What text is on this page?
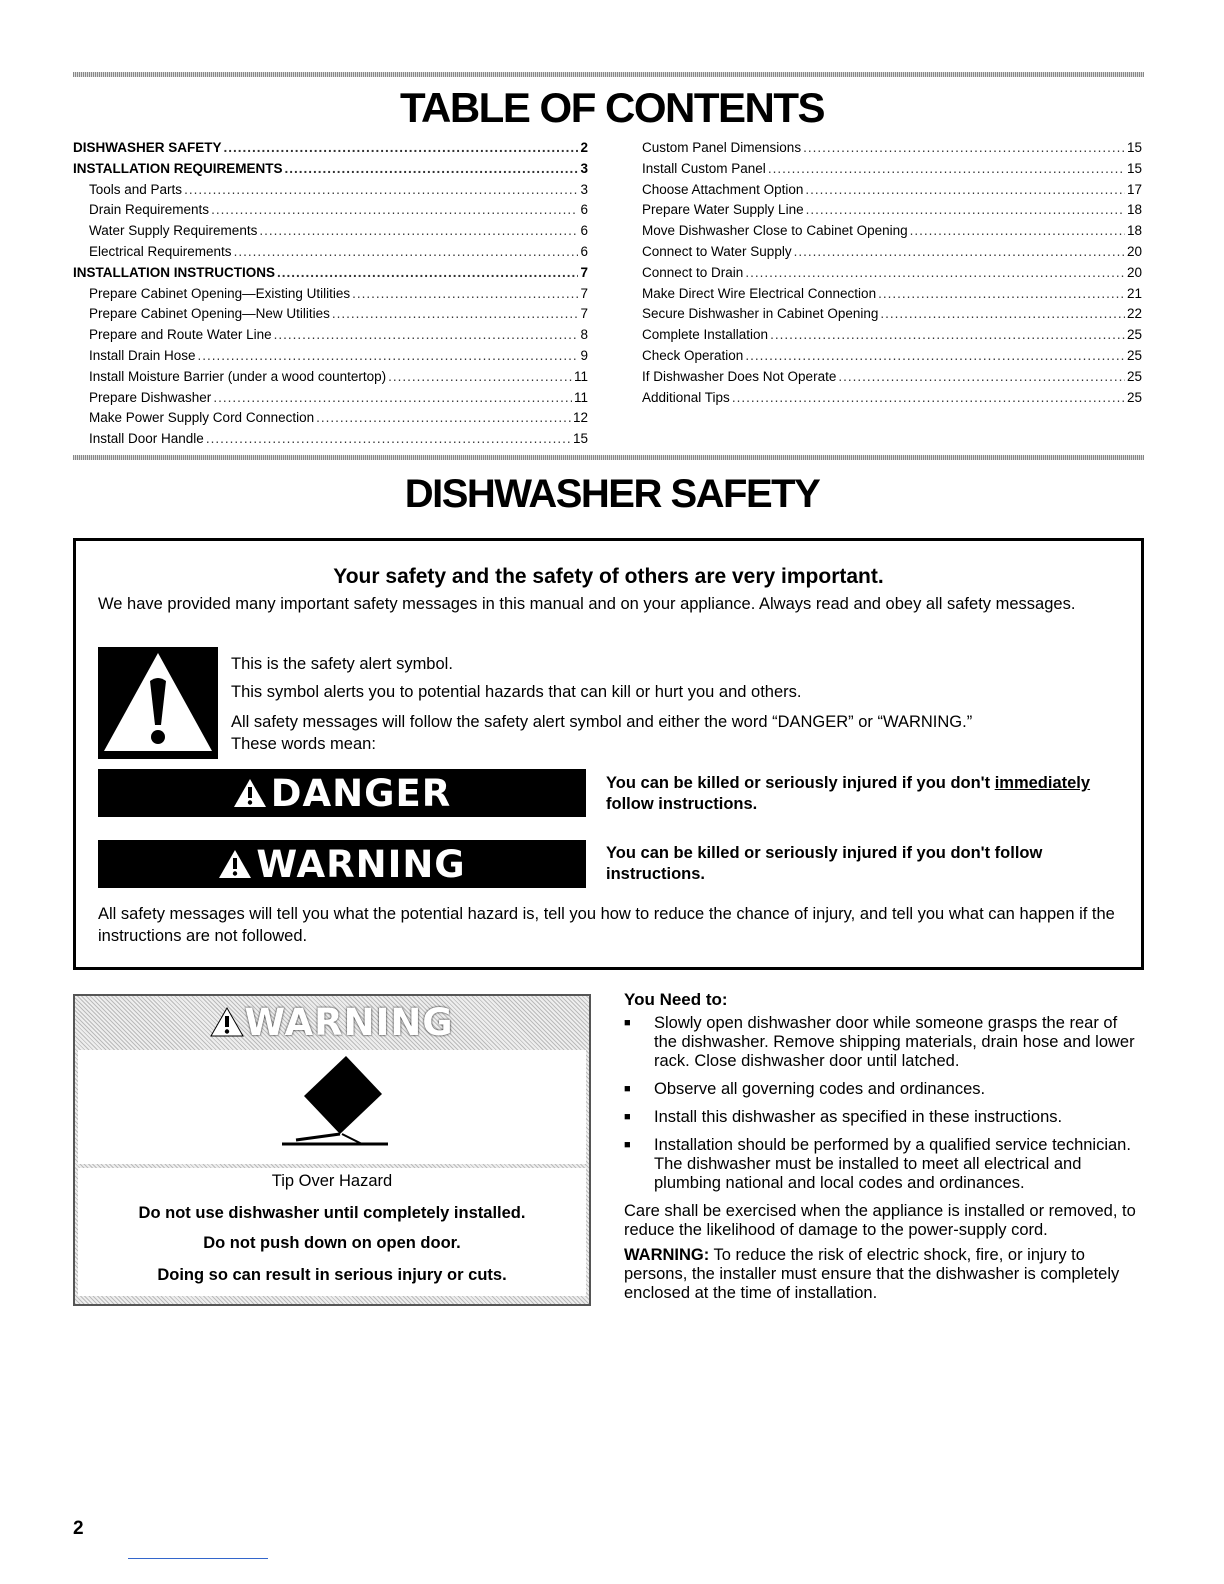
TABLE OF CONTENTS
DISHWASHER SAFETY .....	2
INSTALLATION REQUIREMENTS .....	3
Tools and Parts .....	3
Drain Requirements .....	6
Water Supply Requirements .....	6
Electrical Requirements .....	6
INSTALLATION INSTRUCTIONS .....	7
Prepare Cabinet Opening—Existing Utilities .....	7
Prepare Cabinet Opening—New Utilities .....	7
Prepare and Route Water Line .....	8
Install Drain Hose .....	9
Install Moisture Barrier (under a wood countertop) .....	11
Prepare Dishwasher .....	11
Make Power Supply Cord Connection .....	12
Install Door Handle .....	15
Custom Panel Dimensions .....	15
Install Custom Panel .....	15
Choose Attachment Option .....	17
Prepare Water Supply Line .....	18
Move Dishwasher Close to Cabinet Opening .....	18
Connect to Water Supply .....	20
Connect to Drain .....	20
Make Direct Wire Electrical Connection .....	21
Secure Dishwasher in Cabinet Opening .....	22
Complete Installation .....	25
Check Operation .....	25
If Dishwasher Does Not Operate .....	25
Additional Tips .....	25
DISHWASHER SAFETY
Your safety and the safety of others are very important.
We have provided many important safety messages in this manual and on your appliance. Always read and obey all safety messages.
This is the safety alert symbol.
This symbol alerts you to potential hazards that can kill or hurt you and others.
All safety messages will follow the safety alert symbol and either the word “DANGER” or “WARNING.”
These words mean:
DANGER	You can be killed or seriously injured if you don't immediately
follow instructions.
WARNING	You can be killed or seriously injured if you don't follow instructions.
All safety messages will tell you what the potential hazard is, tell you how to reduce the chance of injury, and tell you what can happen if the instructions are not followed.
WARNING
Tip Over Hazard
Do not use dishwasher until completely installed.
Do not push down on open door.
Doing so can result in serious injury or cuts.
You Need to:
■ Slowly open dishwasher door while someone grasps the rear of the dishwasher. Remove shipping materials, drain hose and lower rack. Close dishwasher door until latched.
■ Observe all governing codes and ordinances.
■ Install this dishwasher as specified in these instructions.
■ Installation should be performed by a qualified service technician. The dishwasher must be installed to meet all electrical and plumbing national and local codes and ordinances.

Care shall be exercised when the appliance is installed or removed, to reduce the likelihood of damage to the power-supply cord.

WARNING: To reduce the risk of electric shock, fire, or injury to persons, the installer must ensure that the dishwasher is completely enclosed at the time of installation.

2
